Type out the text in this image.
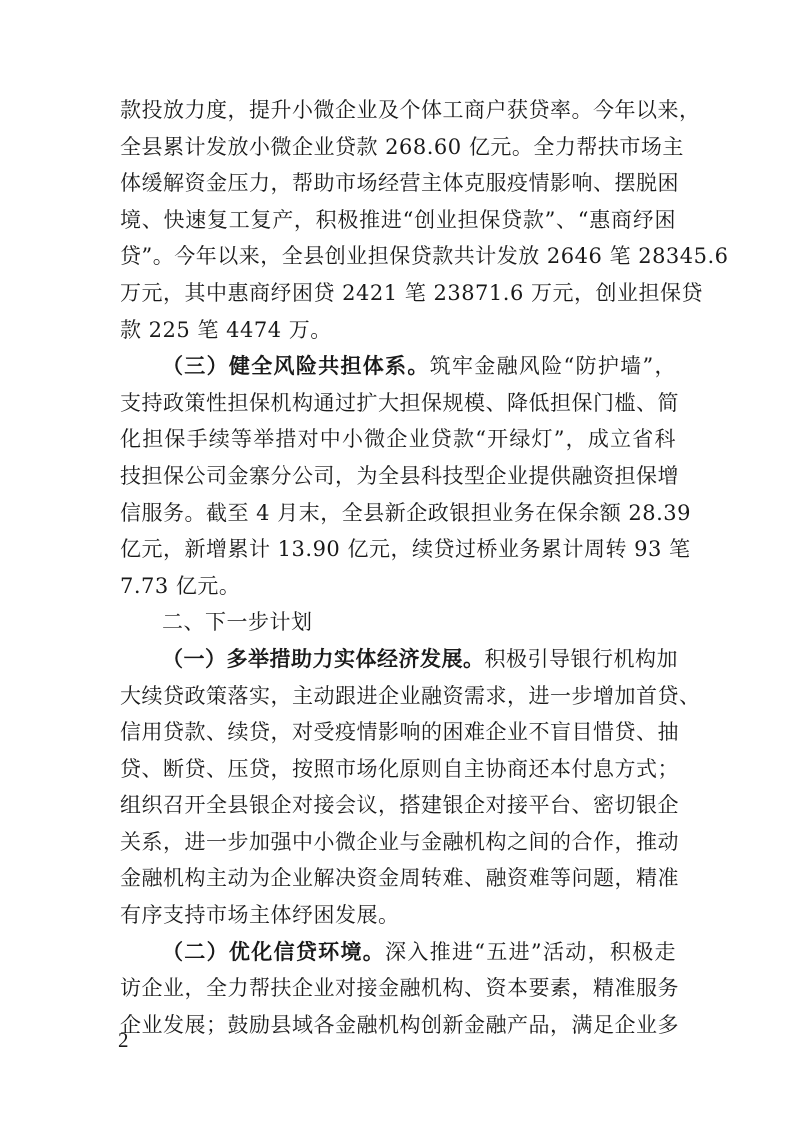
款投放力度，提升小微企业及个体工商户获贷率。今年以来，
全县累计发放小微企业贷款 268.60 亿元。全力帮扶市场主
体缓解资金压力，帮助市场经营主体克服疫情影响、摆脱困
境、快速复工复产，积极推进“创业担保贷款”、“惠商纾困
贷”。今年以来，全县创业担保贷款共计发放 2646 笔 28345.6
万元，其中惠商纾困贷 2421 笔 23871.6 万元，创业担保贷
款 225 笔 4474 万。
（三）健全风险共担体系。筑牢金融风险“防护墙”，
支持政策性担保机构通过扩大担保规模、降低担保门槛、简
化担保手续等举措对中小微企业贷款“开绿灯”，成立省科
技担保公司金寨分公司，为全县科技型企业提供融资担保增
信服务。截至 4 月末，全县新企政银担业务在保余额 28.39
亿元，新增累计 13.90 亿元，续贷过桥业务累计周转 93 笔
7.73 亿元。
二、下一步计划
（一）多举措助力实体经济发展。积极引导银行机构加
大续贷政策落实，主动跟进企业融资需求，进一步增加首贷、
信用贷款、续贷，对受疫情影响的困难企业不盲目惜贷、抽
贷、断贷、压贷，按照市场化原则自主协商还本付息方式；
组织召开全县银企对接会议，搭建银企对接平台、密切银企
关系，进一步加强中小微企业与金融机构之间的合作，推动
金融机构主动为企业解决资金周转难、融资难等问题，精准
有序支持市场主体纾困发展。
（二）优化信贷环境。深入推进“五进”活动，积极走
访企业，全力帮扶企业对接金融机构、资本要素，精准服务
企业发展；鼓励县域各金融机构创新金融产品，满足企业多
2
